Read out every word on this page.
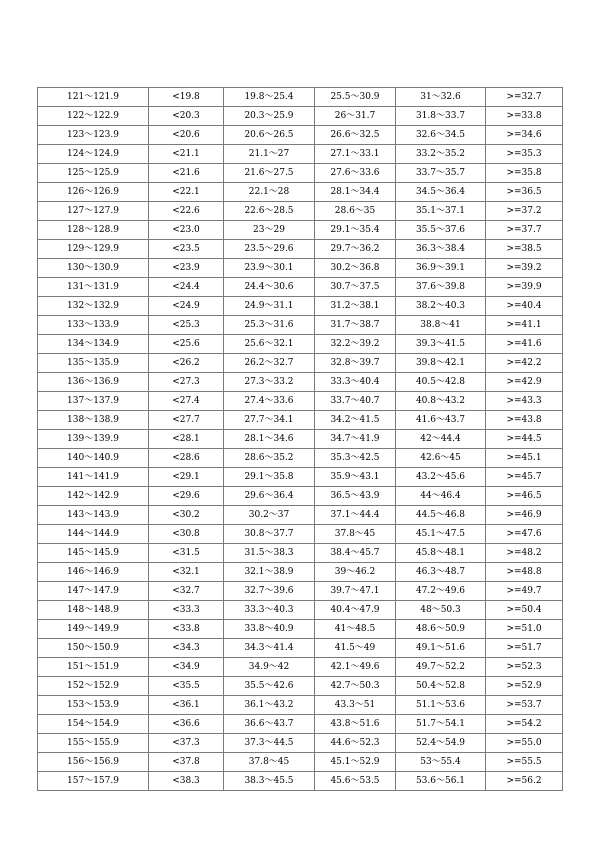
121～121.9	<19.8	19.8～25.4	25.5～30.9	31～32.6	>=32.7
122～122.9	<20.3	20.3～25.9	26～31.7	31.8～33.7	>=33.8
123～123.9	<20.6	20.6～26.5	26.6～32.5	32.6～34.5	>=34.6
124～124.9	<21.1	21.1～27	27.1～33.1	33.2～35.2	>=35.3
125～125.9	<21.6	21.6～27.5	27.6～33.6	33.7～35.7	>=35.8
126～126.9	<22.1	22.1～28	28.1～34.4	34.5～36.4	>=36.5
127～127.9	<22.6	22.6～28.5	28.6～35	35.1～37.1	>=37.2
128～128.9	<23.0	23～29	29.1～35.4	35.5～37.6	>=37.7
129～129.9	<23.5	23.5～29.6	29.7～36.2	36.3～38.4	>=38.5
130～130.9	<23.9	23.9～30.1	30.2～36.8	36.9～39.1	>=39.2
131～131.9	<24.4	24.4～30.6	30.7～37.5	37.6～39.8	>=39.9
132～132.9	<24.9	24.9～31.1	31.2～38.1	38.2～40.3	>=40.4
133～133.9	<25.3	25.3～31.6	31.7～38.7	38.8～41	>=41.1
134～134.9	<25.6	25.6～32.1	32.2～39.2	39.3～41.5	>=41.6
135～135.9	<26.2	26.2～32.7	32.8～39.7	39.8～42.1	>=42.2
136～136.9	<27.3	27.3～33.2	33.3～40.4	40.5～42.8	>=42.9
137～137.9	<27.4	27.4～33.6	33.7～40.7	40.8～43.2	>=43.3
138～138.9	<27.7	27.7～34.1	34.2～41.5	41.6～43.7	>=43.8
139～139.9	<28.1	28.1～34.6	34.7～41.9	42～44.4	>=44.5
140～140.9	<28.6	28.6～35.2	35.3～42.5	42.6～45	>=45.1
141～141.9	<29.1	29.1～35.8	35.9～43.1	43.2～45.6	>=45.7
142～142.9	<29.6	29.6～36.4	36.5～43.9	44～46.4	>=46.5
143～143.9	<30.2	30.2～37	37.1～44.4	44.5～46.8	>=46.9
144～144.9	<30.8	30.8～37.7	37.8～45	45.1～47.5	>=47.6
145～145.9	<31.5	31.5～38.3	38.4～45.7	45.8～48.1	>=48.2
146～146.9	<32.1	32.1～38.9	39～46.2	46.3～48.7	>=48.8
147～147.9	<32.7	32.7～39.6	39.7～47.1	47.2～49.6	>=49.7
148～148.9	<33.3	33.3～40.3	40.4～47.9	48～50.3	>=50.4
149～149.9	<33.8	33.8～40.9	41～48.5	48.6～50.9	>=51.0
150～150.9	<34.3	34.3～41.4	41.5～49	49.1～51.6	>=51.7
151～151.9	<34.9	34.9～42	42.1～49.6	49.7～52.2	>=52.3
152～152.9	<35.5	35.5～42.6	42.7～50.3	50.4～52.8	>=52.9
153～153.9	<36.1	36.1～43.2	43.3～51	51.1～53.6	>=53.7
154～154.9	<36.6	36.6～43.7	43.8～51.6	51.7～54.1	>=54.2
155～155.9	<37.3	37.3～44.5	44.6～52.3	52.4～54.9	>=55.0
156～156.9	<37.8	37.8～45	45.1～52.9	53～55.4	>=55.5
157～157.9	<38.3	38.3～45.5	45.6～53.5	53.6～56.1	>=56.2
